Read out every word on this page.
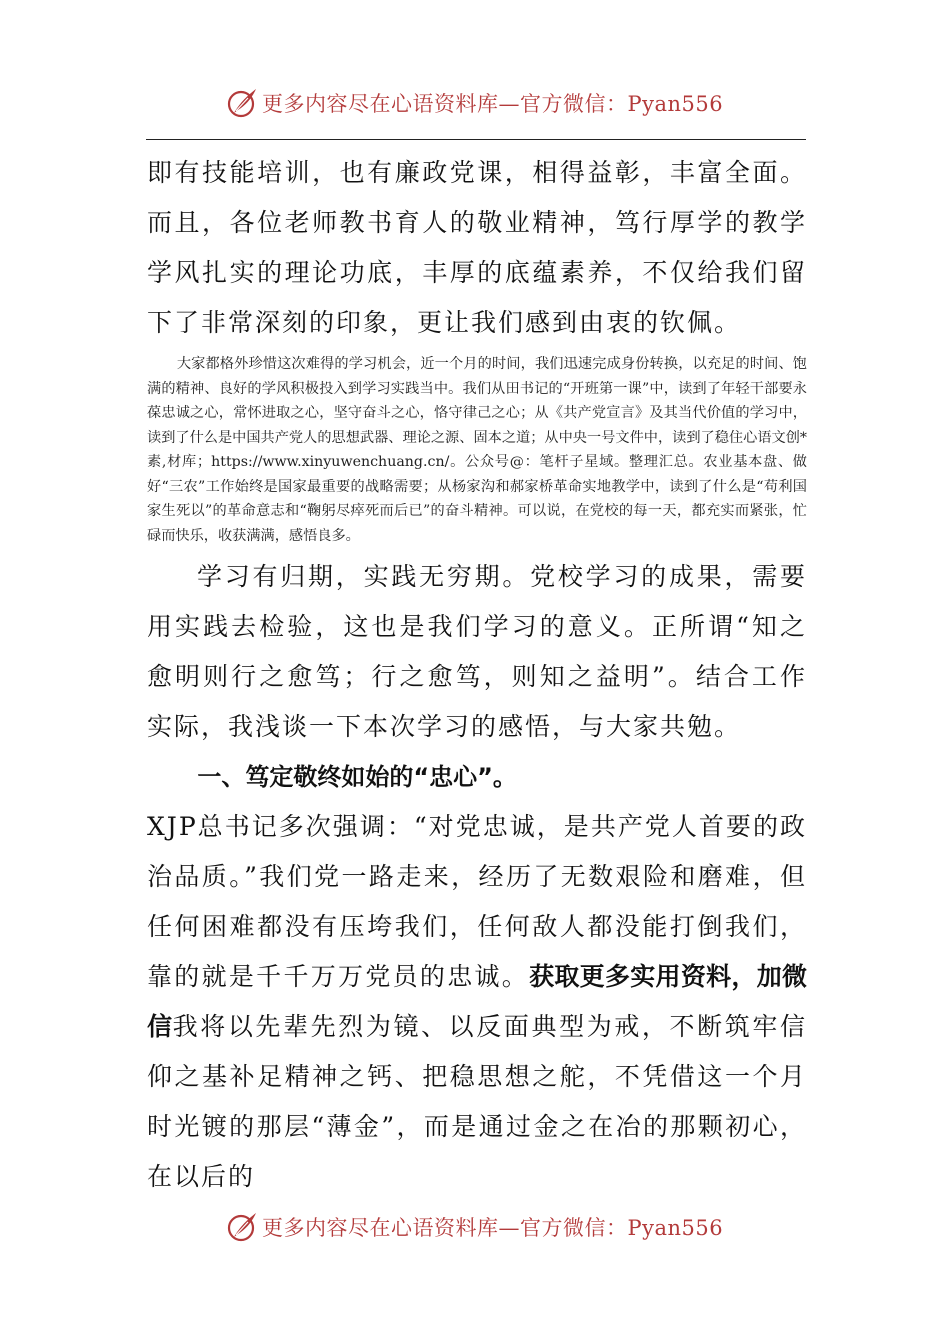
更多内容尽在心语资料库—官方微信：Pyan556

即有技能培训，也有廉政党课，相得益彰，丰富全面。而且，各位老师教书育人的敬业精神，笃行厚学的教学学风扎实的理论功底，丰厚的底蕴素养，不仅给我们留下了非常深刻的印象，更让我们感到由衷的钦佩。

大家都格外珍惜这次难得的学习机会，近一个月的时间，我们迅速完成身份转换，以充足的时间、饱满的精神、良好的学风积极投入到学习实践当中。我们从田书记的“开班第一课”中，读到了年轻干部要永葆忠诚之心，常怀进取之心，坚守奋斗之心，恪守律己之心；从《共产党宣言》及其当代价值的学习中，读到了什么是中国共产党人的思想武器、理论之源、固本之道；从中央一号文件中，读到了稳住心语文创*素,材库；https://www.xinyuwenchuang.cn/。公众号@：笔杆子星域。整理汇总。农业基本盘、做好“三农”工作始终是国家最重要的战略需要；从杨家沟和郝家桥革命实地教学中，读到了什么是“苟利国家生死以”的革命意志和“鞠躬尽瘁死而后已”的奋斗精神。可以说，在党校的每一天，都充实而紧张，忙碌而快乐，收获满满，感悟良多。

学习有归期，实践无穷期。党校学习的成果，需要用实践去检验，这也是我们学习的意义。正所谓“知之愈明则行之愈笃；行之愈笃，则知之益明”。结合工作实际，我浅谈一下本次学习的感悟，与大家共勉。

一、笃定敬终如始的“忠心”。

XJP总书记多次强调：“对党忠诚，是共产党人首要的政治品质。”我们党一路走来，经历了无数艰险和磨难，但任何困难都没有压垮我们，任何敌人都没能打倒我们，靠的就是千千万万党员的忠诚。获取更多实用资料，加微信我将以先辈先烈为镜、以反面典型为戒，不断筑牢信仰之基补足精神之钙、把稳思想之舵，不凭借这一个月时光镀的那层“薄金”，而是通过金之在冶的那颗初心，在以后的

更多内容尽在心语资料库—官方微信：Pyan556
